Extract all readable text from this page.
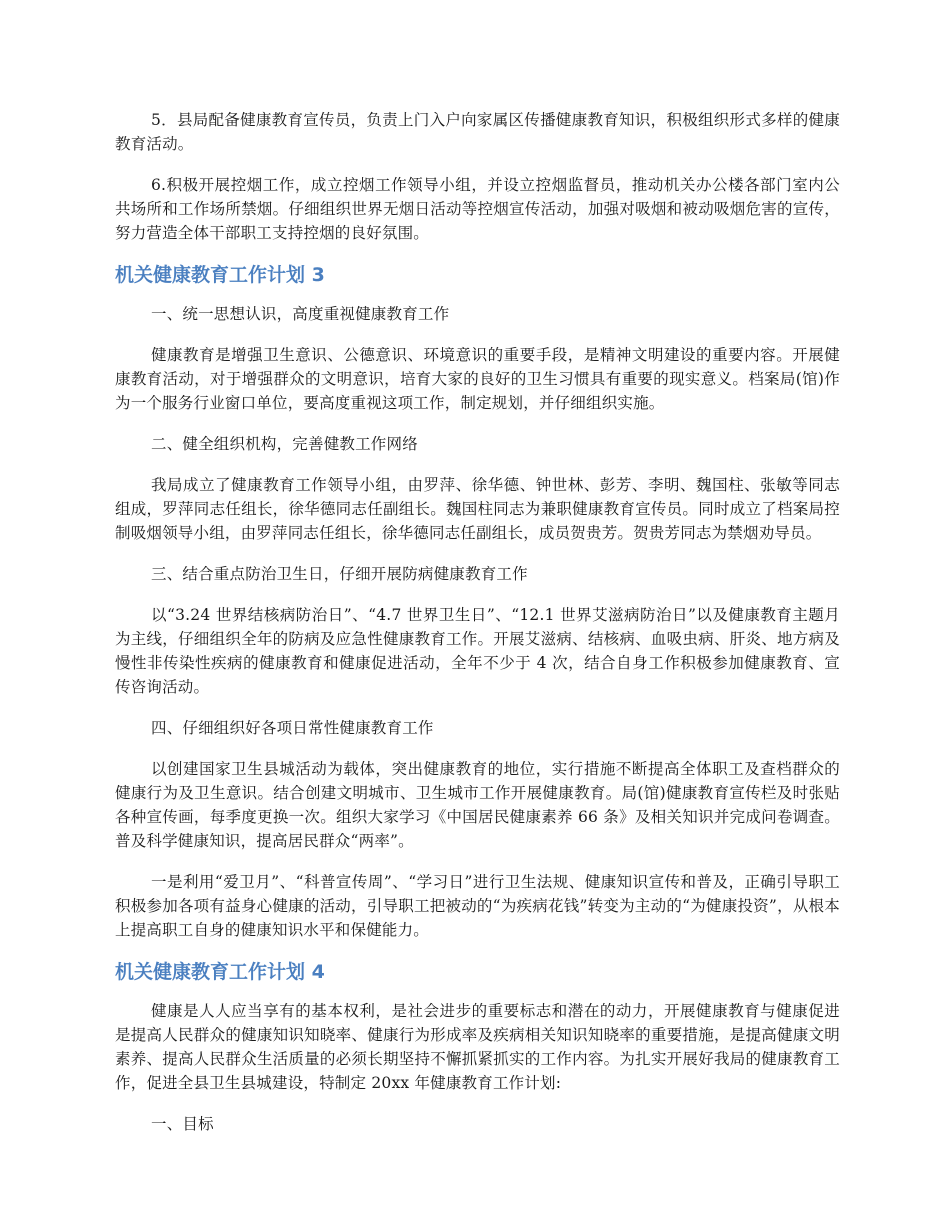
5．县局配备健康教育宣传员，负责上门入户向家属区传播健康教育知识，积极组织形式多样的健康教育活动。

6.积极开展控烟工作，成立控烟工作领导小组，并设立控烟监督员，推动机关办公楼各部门室内公共场所和工作场所禁烟。仔细组织世界无烟日活动等控烟宣传活动，加强对吸烟和被动吸烟危害的宣传，努力营造全体干部职工支持控烟的良好氛围。

机关健康教育工作计划 3

一、统一思想认识，高度重视健康教育工作

健康教育是增强卫生意识、公德意识、环境意识的重要手段，是精神文明建设的重要内容。开展健康教育活动，对于增强群众的文明意识，培育大家的良好的卫生习惯具有重要的现实意义。档案局(馆)作为一个服务行业窗口单位，要高度重视这项工作，制定规划，并仔细组织实施。

二、健全组织机构，完善健教工作网络

我局成立了健康教育工作领导小组，由罗萍、徐华德、钟世林、彭芳、李明、魏国柱、张敏等同志组成，罗萍同志任组长，徐华德同志任副组长。魏国柱同志为兼职健康教育宣传员。同时成立了档案局控制吸烟领导小组，由罗萍同志任组长，徐华德同志任副组长，成员贺贵芳。贺贵芳同志为禁烟劝导员。

三、结合重点防治卫生日，仔细开展防病健康教育工作

以“3.24 世界结核病防治日”、“4.7 世界卫生日”、“12.1 世界艾滋病防治日”以及健康教育主题月为主线，仔细组织全年的防病及应急性健康教育工作。开展艾滋病、结核病、血吸虫病、肝炎、地方病及慢性非传染性疾病的健康教育和健康促进活动，全年不少于 4 次，结合自身工作积极参加健康教育、宣传咨询活动。

四、仔细组织好各项日常性健康教育工作

以创建国家卫生县城活动为载体，突出健康教育的地位，实行措施不断提高全体职工及查档群众的健康行为及卫生意识。结合创建文明城市、卫生城市工作开展健康教育。局(馆)健康教育宣传栏及时张贴各种宣传画，每季度更换一次。组织大家学习《中国居民健康素养 66 条》及相关知识并完成问卷调查。普及科学健康知识，提高居民群众“两率”。

一是利用“爱卫月”、“科普宣传周”、“学习日”进行卫生法规、健康知识宣传和普及，正确引导职工积极参加各项有益身心健康的活动，引导职工把被动的“为疾病花钱”转变为主动的“为健康投资”，从根本上提高职工自身的健康知识水平和保健能力。

机关健康教育工作计划 4

健康是人人应当享有的基本权利，是社会进步的重要标志和潜在的动力，开展健康教育与健康促进是提高人民群众的健康知识知晓率、健康行为形成率及疾病相关知识知晓率的重要措施，是提高健康文明素养、提高人民群众生活质量的必须长期坚持不懈抓紧抓实的工作内容。为扎实开展好我局的健康教育工作，促进全县卫生县城建设，特制定 20xx 年健康教育工作计划:

一、目标
